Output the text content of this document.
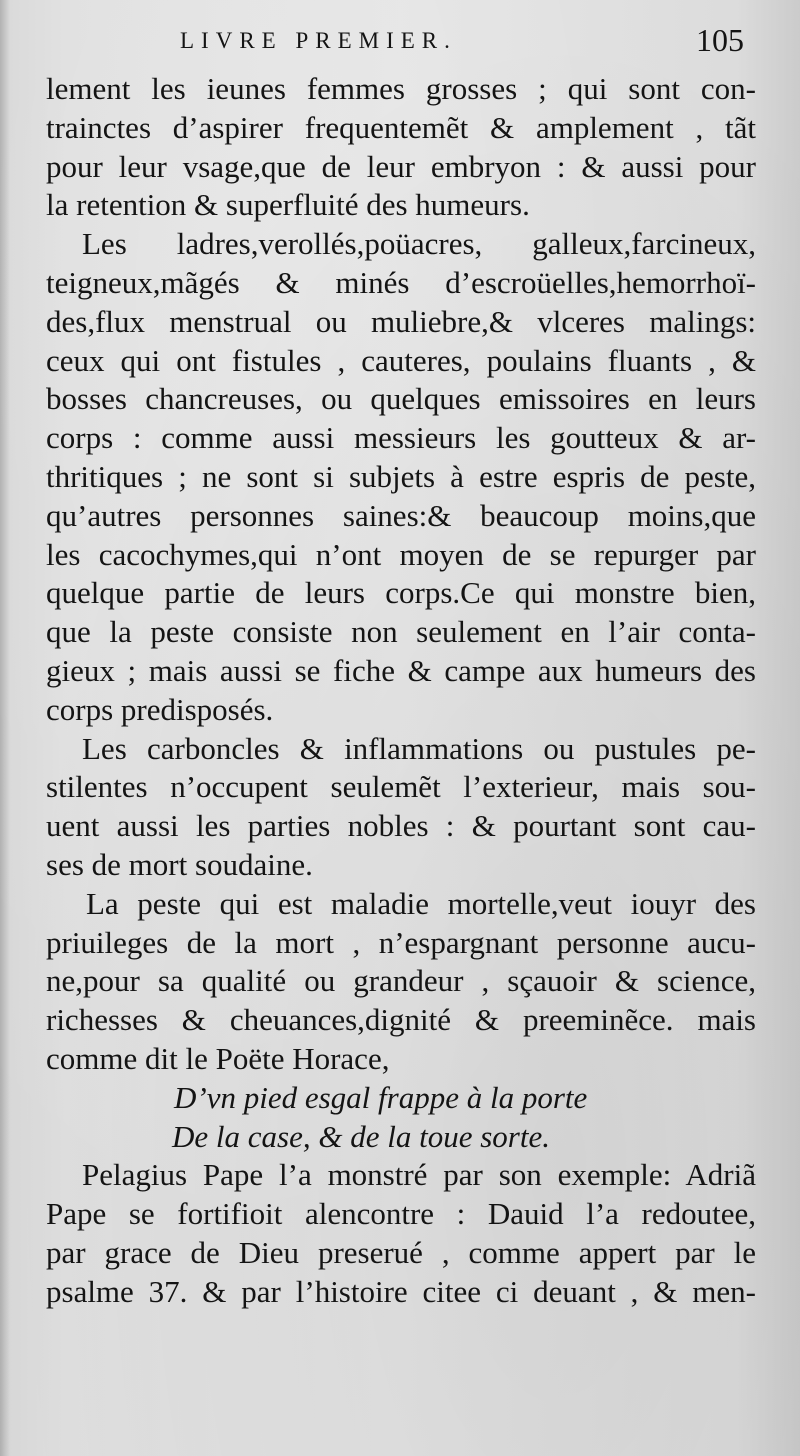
LIVRE PREMIER.	105
lement les ieunes femmes grosses ; qui sont con-
trainctes d’aspirer frequentemẽt & amplement , tãt
pour leur vsage,que de leur embryon : & aussi pour
la retention & superfluité des humeurs.
Les ladres,verollés,poüacres, galleux,farcineux,
teigneux,mãgés & minés d’escroüelles,hemorrhoï-
des,flux menstrual ou muliebre,& vlceres malings:
ceux qui ont fistules , cauteres, poulains fluants , &
bosses chancreuses, ou quelques emissoires en leurs
corps : comme aussi messieurs les goutteux & ar-
thritiques ; ne sont si subjets à estre espris de peste,
qu’autres personnes saines:& beaucoup moins,que
les cacochymes,qui n’ont moyen de se repurger par
quelque partie de leurs corps.Ce qui monstre bien,
que la peste consiste non seulement en l’air conta-
gieux ; mais aussi se fiche & campe aux humeurs des
corps predisposés.
Les carboncles & inflammations ou pustules pe-
stilentes n’occupent seulemẽt l’exterieur, mais sou-
uent aussi les parties nobles : & pourtant sont cau-
ses de mort soudaine.
La peste qui est maladie mortelle,veut iouyr des
priuileges de la mort , n’espargnant personne aucu-
ne,pour sa qualité ou grandeur , sçauoir & science,
richesses & cheuances,dignité & preeminẽce. mais
comme dit le Poëte Horace,
D’vn pied esgal frappe à la porte
De la case, & de la toue sorte.
Pelagius Pape l’a monstré par son exemple: Adriã
Pape se fortifioit alencontre : Dauid l’a redoutee,
par grace de Dieu preserué , comme appert par le
psalme 37. & par l’histoire citee ci deuant , & men-
